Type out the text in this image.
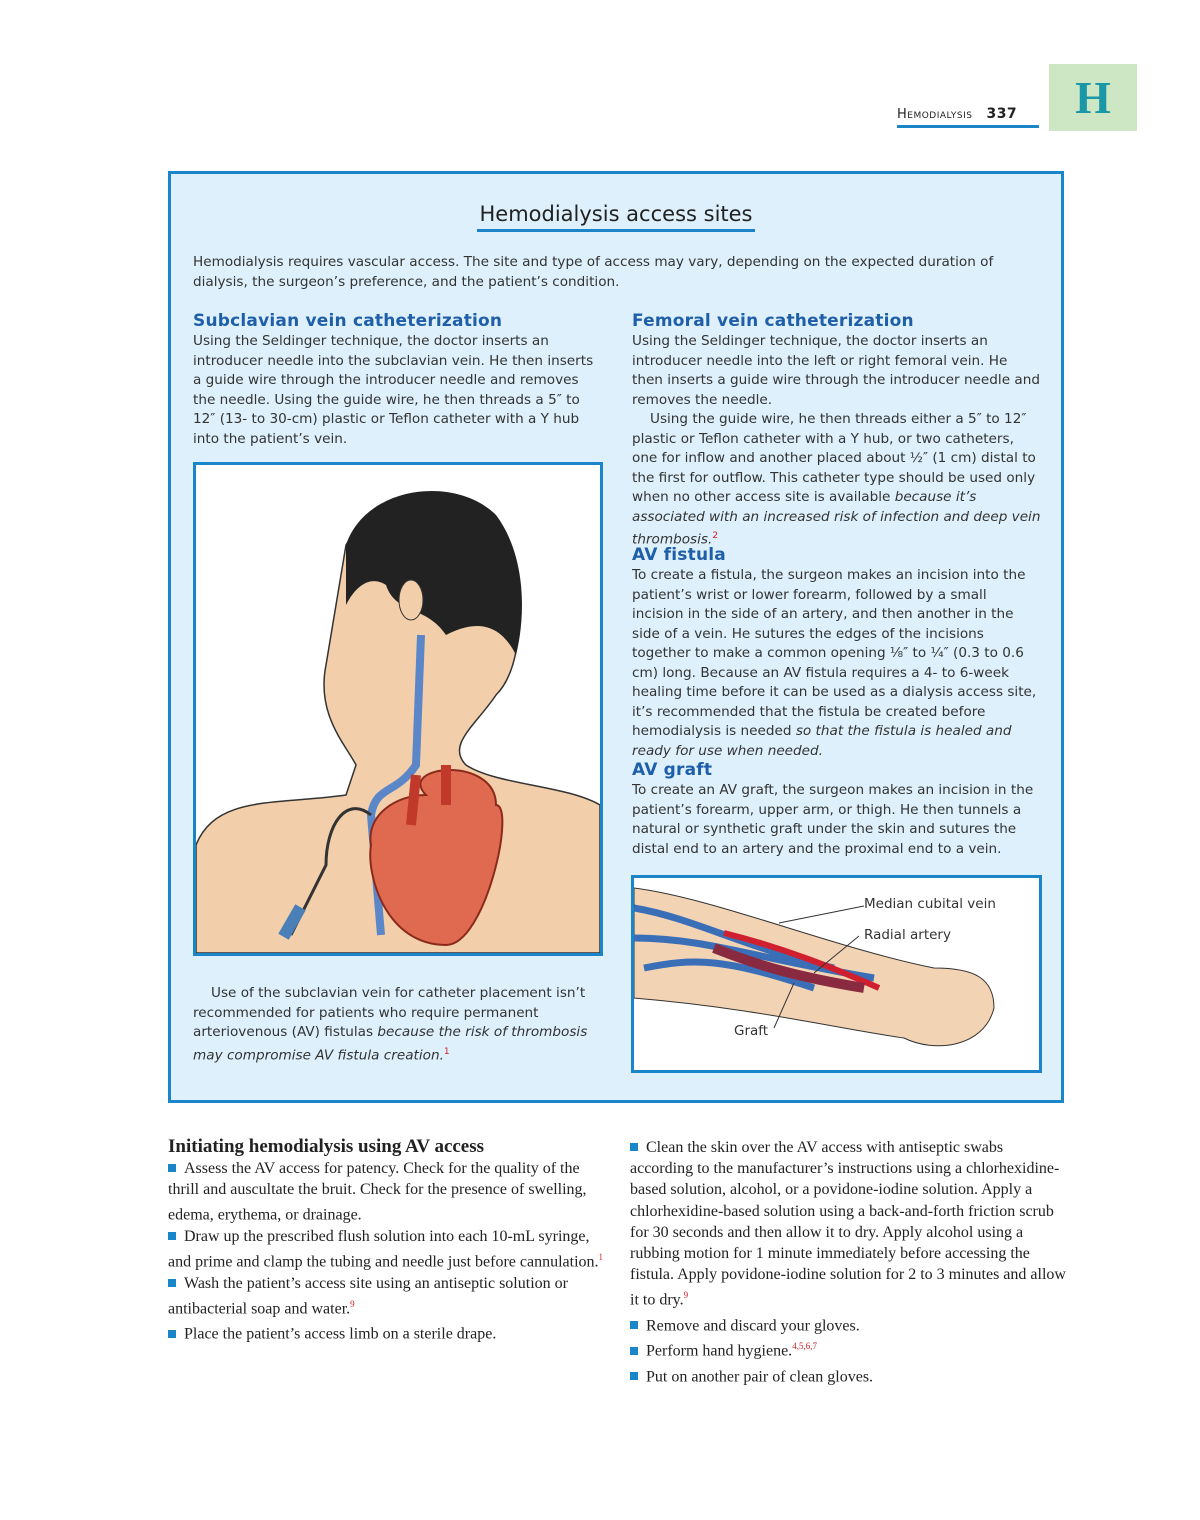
Hemodialysis 337	H
Hemodialysis access sites
Hemodialysis requires vascular access. The site and type of access may vary, depending on the expected duration of dialysis, the surgeon’s preference, and the patient’s condition.
Subclavian vein catheterization
Using the Seldinger technique, the doctor inserts an introducer needle into the subclavian vein. He then inserts a guide wire through the introducer needle and removes the needle. Using the guide wire, he then threads a 5″ to 12″ (13- to 30-cm) plastic or Teflon catheter with a Y hub into the patient’s vein.
Use of the subclavian vein for catheter placement isn’t recommended for patients who require permanent arteriovenous (AV) fistulas because the risk of thrombosis may compromise AV fistula creation.$^1$
Femoral vein catheterization
Using the Seldinger technique, the doctor inserts an introducer needle into the left or right femoral vein. He then inserts a guide wire through the introducer needle and removes the needle.
Using the guide wire, he then threads either a 5″ to 12″ plastic or Teflon catheter with a Y hub, or two catheters, one for inflow and another placed about ½″ (1 cm) distal to the first for outflow. This catheter type should be used only when no other access site is available because it’s associated with an increased risk of infection and deep vein thrombosis.$^2$
AV fistula
To create a fistula, the surgeon makes an incision into the patient’s wrist or lower forearm, followed by a small incision in the side of an artery, and then another in the side of a vein. He sutures the edges of the incisions together to make a common opening ⅛″ to ¼″ (0.3 to 0.6 cm) long. Because an AV fistula requires a 4- to 6-week healing time before it can be used as a dialysis access site, it’s recommended that the fistula be created before hemodialysis is needed so that the fistula is healed and ready for use when needed.
AV graft
To create an AV graft, the surgeon makes an incision in the patient’s forearm, upper arm, or thigh. He then tunnels a natural or synthetic graft under the skin and sutures the distal end to an artery and the proximal end to a vein.
Median cubital vein
Radial artery
Graft
Initiating hemodialysis using AV access
Assess the AV access for patency. Check for the quality of the thrill and auscultate the bruit. Check for the presence of swelling, edema, erythema, or drainage.
Draw up the prescribed flush solution into each 10-mL syringe, and prime and clamp the tubing and needle just before cannulation.$^1$
Wash the patient’s access site using an antiseptic solution or antibacterial soap and water.$^9$
Place the patient’s access limb on a sterile drape.
Clean the skin over the AV access with antiseptic swabs according to the manufacturer’s instructions using a chlorhexidine-based solution, alcohol, or a povidone-iodine solution. Apply a chlorhexidine-based solution using a back-and-forth friction scrub for 30 seconds and then allow it to dry. Apply alcohol using a rubbing motion for 1 minute immediately before accessing the fistula. Apply povidone-iodine solution for 2 to 3 minutes and allow it to dry.$^9$
Remove and discard your gloves.
Perform hand hygiene.$^{4,5,6,7}$
Put on another pair of clean gloves.
